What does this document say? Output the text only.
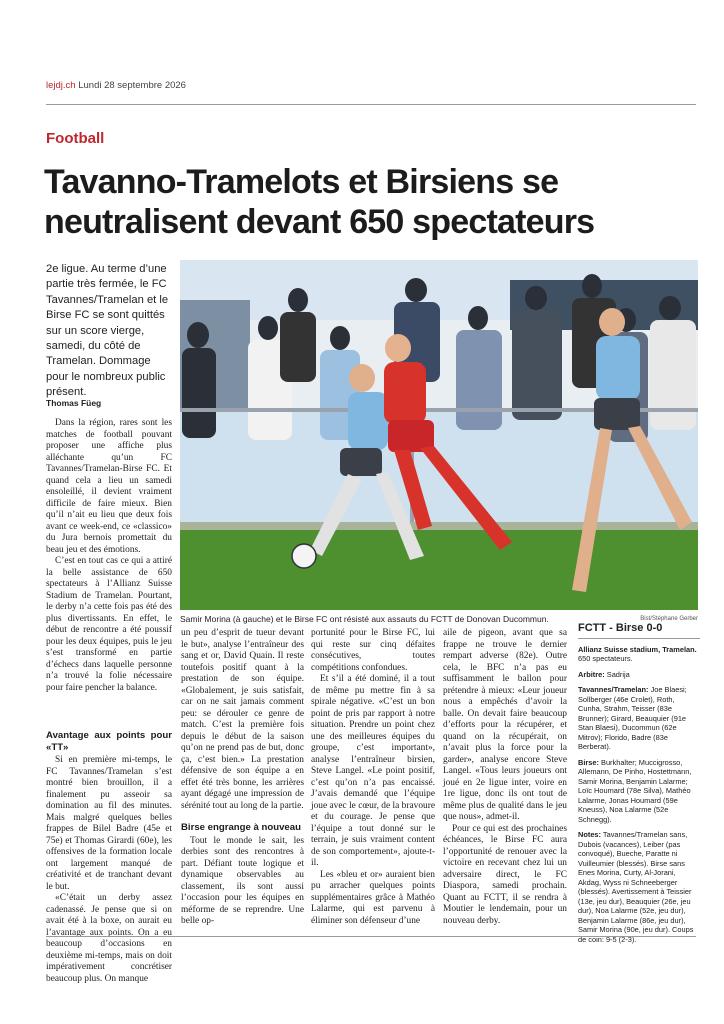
lejdj.ch Lundi 28 septembre 2026
Football
Tavanno-Tramelots et Birsiens se neutralisent devant 650 spectateurs
2e ligue. Au terme d’une partie très fermée, le FC Tavannes/Tramelan et le Birse FC se sont quittés sur un score vierge, samedi, du côté de Tramelan. Dommage pour le nombreux public présent.
Thomas Füeg
Samir Morina (à gauche) et le Birse FC ont résisté aux assauts du FCTT de Donovan Ducommun.	Bist/Stéphane Gerber

Dans la région, rares sont les matches de football pouvant proposer une affiche plus alléchante qu’un FC Tavannes/Tramelan-Birse FC. Et quand cela a lieu un samedi ensoleillé, il devient vraiment difficile de faire mieux. Bien qu’il n’ait eu lieu que deux fois avant ce week-end, ce «classico» du Jura bernois promettait du beau jeu et des émotions.

C’est en tout cas ce qui a attiré la belle assistance de 650 spectateurs à l’Allianz Suisse Stadium de Tramelan. Pourtant, le derby n’a cette fois pas été des plus divertissants. En effet, le début de rencontre a été poussif pour les deux équipes, puis le jeu s’est transformé en partie d’échecs dans laquelle personne n’a trouvé la folie nécessaire pour faire pencher la balance.

Avantage aux points pour «TT»

Si en première mi-temps, le FC Tavannes/Tramelan s’est montré bien brouillon, il a finalement pu asseoir sa domination au fil des minutes. Mais malgré quelques belles frappes de Bilel Badre (45e et 75e) et Thomas Girardi (60e), les offensives de la formation locale ont largement manqué de créativité et de tranchant devant le but.

«C’était un derby assez cadenassé. Je pense que si on avait été à la boxe, on aurait eu l’avantage aux points. On a eu beaucoup d’occasions en deuxième mi-temps, mais on doit impérativement concrétiser beaucoup plus. On manque

un peu d’esprit de tueur devant le but», analyse l’entraîneur des sang et or, David Quain. Il reste toutefois positif quant à la prestation de son équipe. «Globalement, je suis satisfait, car on ne sait jamais comment peu: se dérouler ce genre de match. C’est la première fois depuis le début de la saison qu’on ne prend pas de but, donc ça, c’est bien.» La prestation défensive de son équipe a en effet été très bonne, les arrières ayant dégagé une impression de sérénité tout au long de la partie.

Birse engrange à nouveau

Tout le monde le sait, les derbies sont des rencontres à part. Défiant toute logique et dynamique observables au classement, ils sont aussi l’occasion pour les équipes en méforme de se reprendre. Une belle op-

portunité pour le Birse FC, lui qui reste sur cinq défaites consécutives, toutes compétitions confondues.

Et s’il a été dominé, il a tout de même pu mettre fin à sa spirale négative. «C’est un bon point de pris par rapport à notre situation. Prendre un point chez une des meilleures équipes du groupe, c’est important», analyse l’entraîneur birsien, Steve Langel. «Le point positif, c’est qu’on n’a pas encaissé. J’avais demandé que l’équipe joue avec le cœur, de la bravoure et du courage. Je pense que l’équipe a tout donné sur le terrain, je suis vraiment content de son comportement», ajoute-t-il.

Les «bleu et or» auraient bien pu arracher quelques points supplémentaires grâce à Mathéo Lalarme, qui est parvenu à éliminer son défenseur d’une

aile de pigeon, avant que sa frappe ne trouve le dernier rempart adverse (82e). Outre cela, le BFC n’a pas eu suffisamment le ballon pour prétendre à mieux: «Leur joueur nous a empêchés d’avoir la balle. On devait faire beaucoup d’efforts pour la récupérer, et quand on la récupérait, on n’avait plus la force pour la garder», analyse encore Steve Langel. «Tous leurs joueurs ont joué en 2e ligue inter, voire en 1re ligue, donc ils ont tout de même plus de qualité dans le jeu que nous», admet-il.

Pour ce qui est des prochaines échéances, le Birse FC aura l’opportunité de renouer avec la victoire en recevant chez lui un adversaire direct, le FC Diaspora, samedi prochain. Quant au FCTT, il se rendra à Moutier le lendemain, pour un nouveau derby.

FCTT - Birse 0-0

Allianz Suisse stadium, Tramelan. 650 spectateurs.

Arbitre: Sadrija

Tavannes/Tramelan: Joe Blaesi; Sollberger (46e Crolet), Roth, Cunha, Strahm, Teisser (83e Brunner); Girard, Beauquier (91e Stan Blaesi), Ducommun (62e Mitrov); Florido, Badre (83e Berberat).

Birse: Burkhalter; Muccigrosso, Allemann, De Pinho, Hostettmann, Samir Morina, Benjamin Lalarme; Loïc Houmard (78e Silva), Mathéo Lalarme, Jonas Houmard (59e Kneuss), Noa Lalarme (52e Schnegg).

Notes: Tavannes/Tramelan sans, Dubois (vacances), Leiber (pas convoqué), Bueche, Paratte ni Vuilleumier (blessés). Birse sans Enes Morina, Curty, Al-Jorani, Akdag, Wyss ni Schneeberger (blessés). Avertissement à Teissier (13e, jeu dur), Beauquier (26e, jeu dur), Noa Lalarme (52e, jeu dur), Benjamin Lalarme (86e, jeu dur), Samir Morina (90e, jeu dur). Coups de coin: 9-5 (2-3).
